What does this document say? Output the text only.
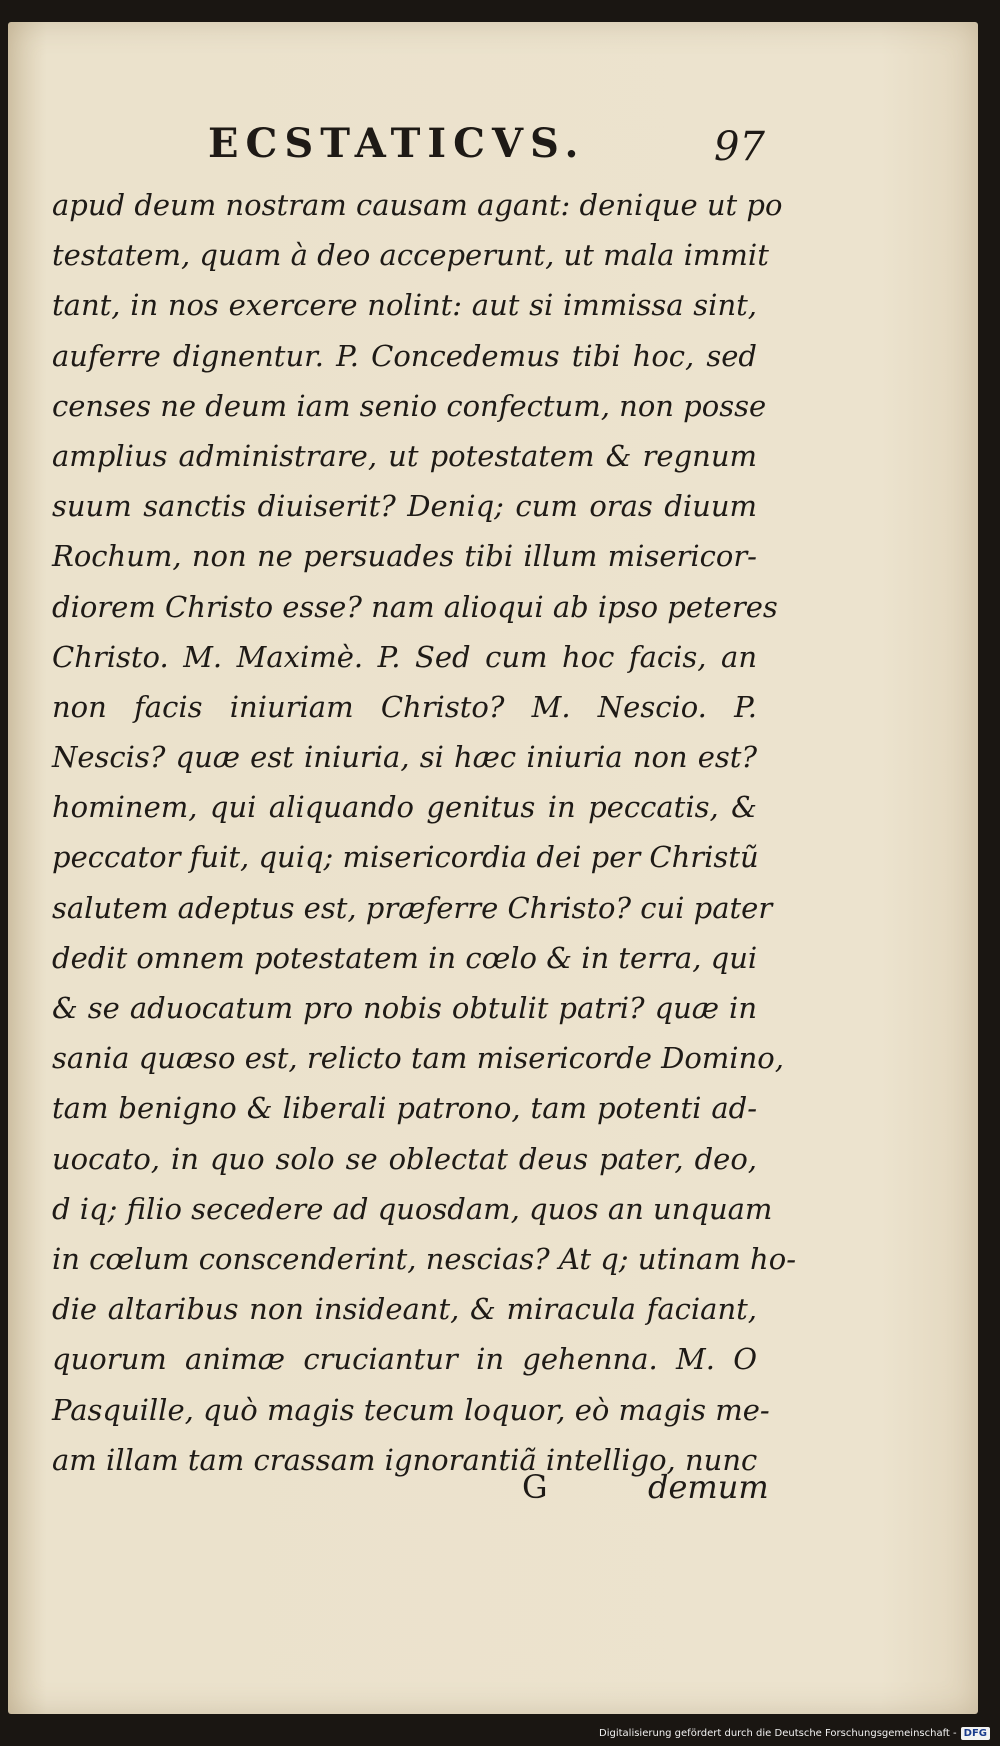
ECSTATICVS.	97
apud deum nostram causam agant: denique ut po
testatem, quam à deo acceperunt, ut mala immit
tant, in nos exercere nolint: aut si immissa sint,
auferre dignentur. P. Concedemus tibi hoc, sed
censes ne deum iam senio confectum, non posse
amplius administrare, ut potestatem & regnum
suum sanctis diuiserit? Deniq; cum oras diuum
Rochum, non ne persuades tibi illum misericor-
diorem Christo esse? nam alioqui ab ipso peteres
Christo. M. Maximè. P. Sed cum hoc facis, an
non facis iniuriam Christo? M. Nescio. P.
Nescis? quæ est iniuria, si hæc iniuria non est?
hominem, qui aliquando genitus in peccatis, &
peccator fuit, quiq; misericordia dei per Christũ
salutem adeptus est, præferre Christo? cui pater
dedit omnem potestatem in cœlo & in terra, qui
& se aduocatum pro nobis obtulit patri? quæ in
sania quæso est, relicto tam misericorde Domino,
tam benigno & liberali patrono, tam potenti ad-
uocato, in quo solo se oblectat deus pater, deo,
d iq; filio secedere ad quosdam, quos an unquam
in cœlum conscenderint, nescias? At q; utinam ho-
die altaribus non insideant, & miracula faciant,
quorum animæ cruciantur in gehenna. M. O
Pasquille, quò magis tecum loquor, eò magis me-
am illam tam crassam ignorantiã intelligo, nunc
G	demum
Digitalisierung gefördert durch die Deutsche Forschungsgemeinschaft - DFG
